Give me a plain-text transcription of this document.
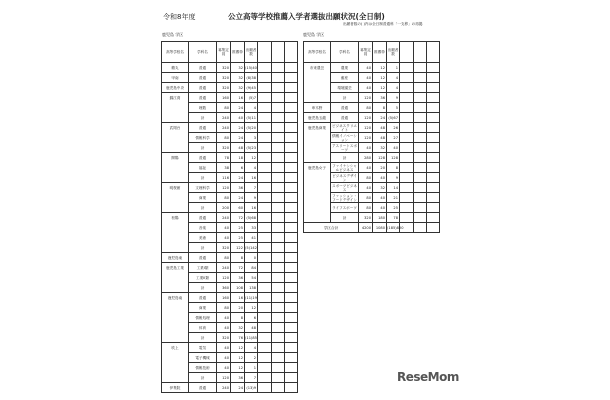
令和8年度	公立高等学校推薦入学者選抜出願状況(全日制)
出願者数の( )内は全日制普通科「一支移」の再掲
鹿児島 学区	鹿児島 学区
高等学校名	学科名	募集定員	推薦枠	出願者数			
鶴丸	普通	320	32	(15)40			
甲南	普通	320	32	(8)38			
鹿児島中央	普通	320	32	(9)45			
錦江湾	普通	160	16	(5)7			
	理数	80	24	4			
	計	240	40	(5)11			
武岡台	普通	240	24	(5)20			
	情報科学	80	24	3			
	計	320	48	(5)23			
開陽	普通	78	18	12			
	福祉	38	6	4			
	計	116	24	16			
明桜館	文理科学	120	36	7			
	商業	80	24	9			
	計	200	60	16			
松陽	普通	240	72	(5)68			
	音楽	40	25	33			
	美術	40	25	41			
	計	320	122	(5)142			
鹿児島東	普通	80	8	0			
鹿児島工業	工業I類	240	72	84			
	工業II類	120	36	54			
	計	360	108	138			
鹿児島南	普通	160	16	(11)19			
	商業	80	20	12			
	情報処理	40	8	6			
	体育	40	32	48			
	計	320	76	(11)85			
吹上	電気	40	12	4			
	電子機械	40	12	2			
	情報技術	40	12	1			
	計	120	36	7			
伊集院	普通	240	24	(13)9			
高等学校名	学科名	募集定員	推薦枠	出願者数			
市来農芸	農業	40	12	1			
	畜産	40	12	4			
	環境園芸	40	12	4			
	計	120	36	9			
串木野	普通	80	8	5			
鹿児島玉龍	普通	120	24	(5)67			
鹿児島商業	ビジネスクリエイト	120	48	26			
	情報イノベーション	120	48	27			
	アスリートスポーツ	40	32	40			
	計	280	128	128			
鹿児島女子	ファイナンシャルビジネス	40	20	8			
	ビジネスデザイン	80	40	9			
	スポーツビジネス	40	32	14			
	ファッション・フードデザイン	80	40	21			
	ライフスポーツ	80	40	25			
	計	320	180	78			
学区合計		4200	1080	(185)820			
ReseMom
